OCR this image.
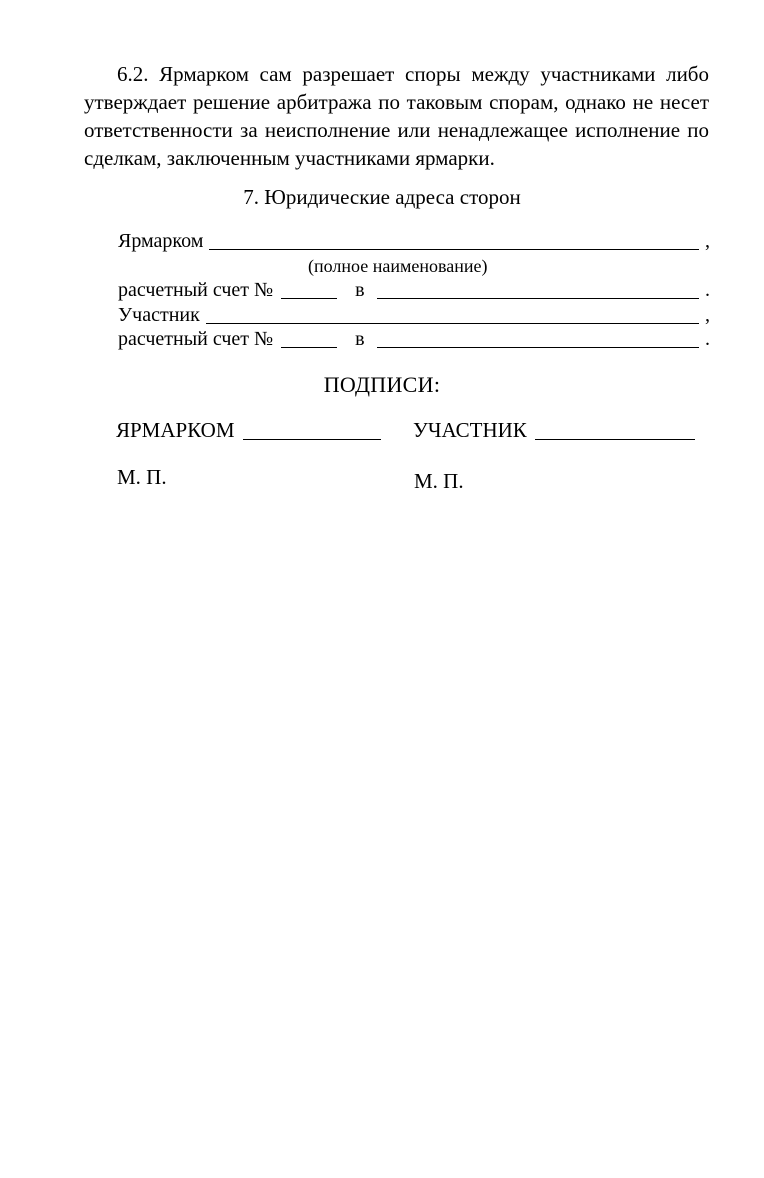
6.2. Ярмарком сам разрешает споры между участниками либо утверждает решение арбитража по таковым спорам, однако не несет ответственности за неисполнение или ненадлежащее исполнение по сделкам, заключенным участниками ярмарки.
7. Юридические адреса сторон
Ярмарком	,
(полное наименование)
расчетный счет №	в	.
Участник	,
расчетный счет №	в	.
ПОДПИСИ:
ЯРМАРКОМ	УЧАСТНИК
М. П.	М. П.
